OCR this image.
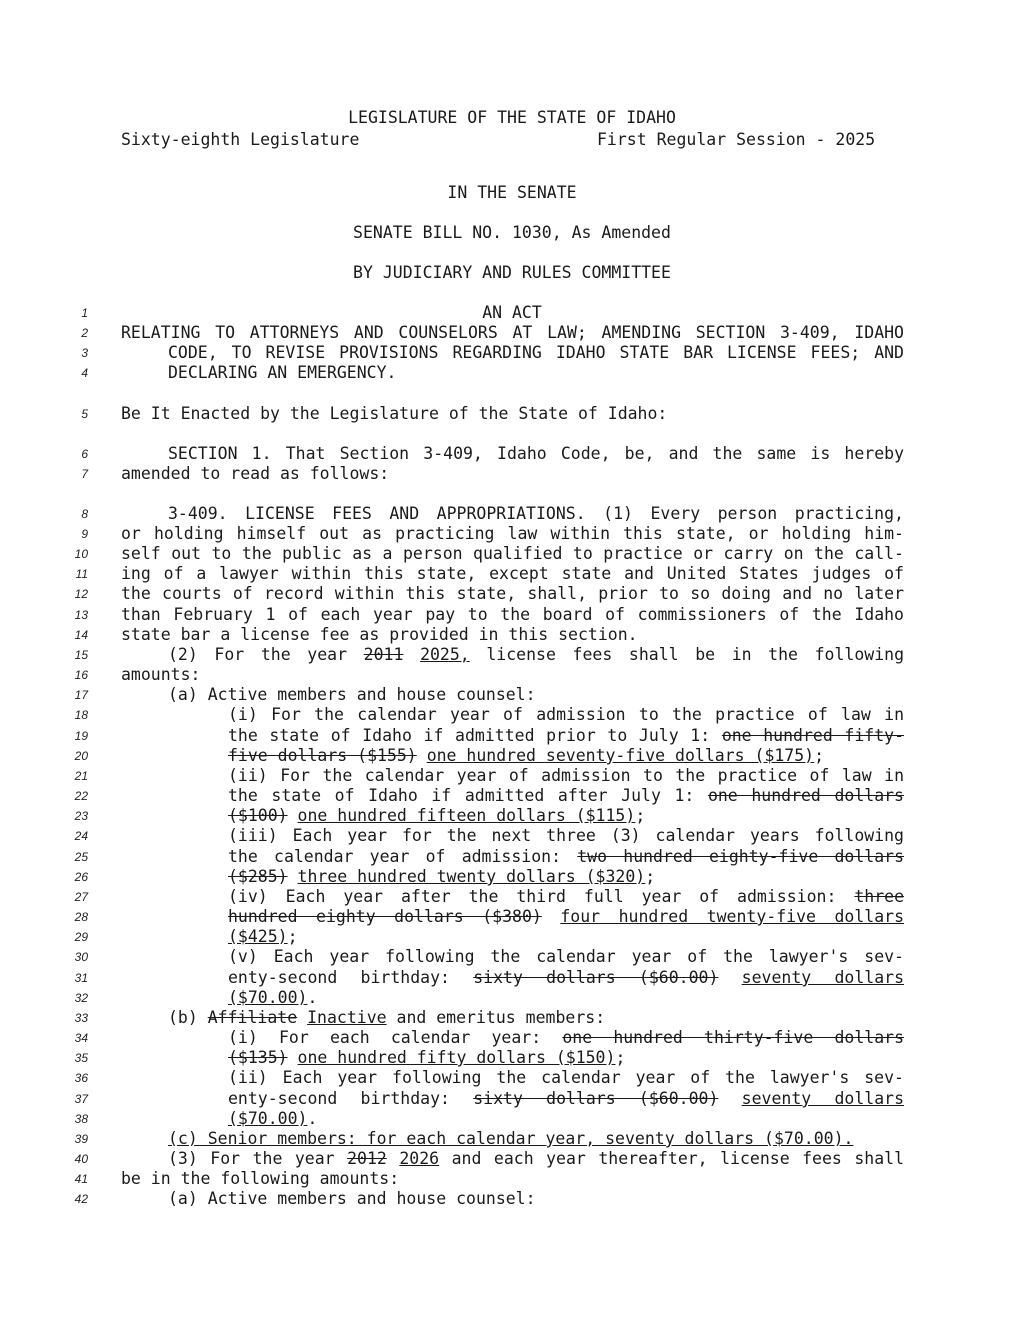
LEGISLATURE OF THE STATE OF IDAHO
Sixty-eighth Legislature	First Regular Session - 2025
IN THE SENATE
SENATE BILL NO. 1030, As Amended
BY JUDICIARY AND RULES COMMITTEE
1	AN ACT
2 RELATING TO ATTORNEYS AND COUNSELORS AT LAW; AMENDING SECTION 3-409, IDAHO
3	CODE, TO REVISE PROVISIONS REGARDING IDAHO STATE BAR LICENSE FEES; AND
4	DECLARING AN EMERGENCY.
5 Be It Enacted by the Legislature of the State of Idaho:
6	SECTION 1. That Section 3-409, Idaho Code, be, and the same is hereby
7 amended to read as follows:
8	3-409. LICENSE FEES AND APPROPRIATIONS. (1) Every person practicing,
9 or holding himself out as practicing law within this state, or holding him-
10 self out to the public as a person qualified to practice or carry on the call-
11 ing of a lawyer within this state, except state and United States judges of
12 the courts of record within this state, shall, prior to so doing and no later
13 than February 1 of each year pay to the board of commissioners of the Idaho
14 state bar a license fee as provided in this section.
15	(2) For the year 2011 2025, license fees shall be in the following
16 amounts:
17	(a) Active members and house counsel:
18	(i) For the calendar year of admission to the practice of law in
19	the state of Idaho if admitted prior to July 1: one hundred fifty-
20	five dollars ($155) one hundred seventy-five dollars ($175);
21	(ii) For the calendar year of admission to the practice of law in
22	the state of Idaho if admitted after July 1: one hundred dollars
23	($100) one hundred fifteen dollars ($115);
24	(iii) Each year for the next three (3) calendar years following
25	the calendar year of admission: two hundred eighty-five dollars
26	($285) three hundred twenty dollars ($320);
27	(iv) Each year after the third full year of admission: three
28	hundred eighty dollars ($380) four hundred twenty-five dollars
29	($425);
30	(v) Each year following the calendar year of the lawyer's sev-
31	enty-second birthday: sixty dollars ($60.00) seventy dollars
32	($70.00).
33	(b) Affiliate Inactive and emeritus members:
34	(i) For each calendar year: one hundred thirty-five dollars
35	($135) one hundred fifty dollars ($150);
36	(ii) Each year following the calendar year of the lawyer's sev-
37	enty-second birthday: sixty dollars ($60.00) seventy dollars
38	($70.00).
39	(c) Senior members: for each calendar year, seventy dollars ($70.00).
40	(3) For the year 2012 2026 and each year thereafter, license fees shall
41 be in the following amounts:
42	(a) Active members and house counsel:
